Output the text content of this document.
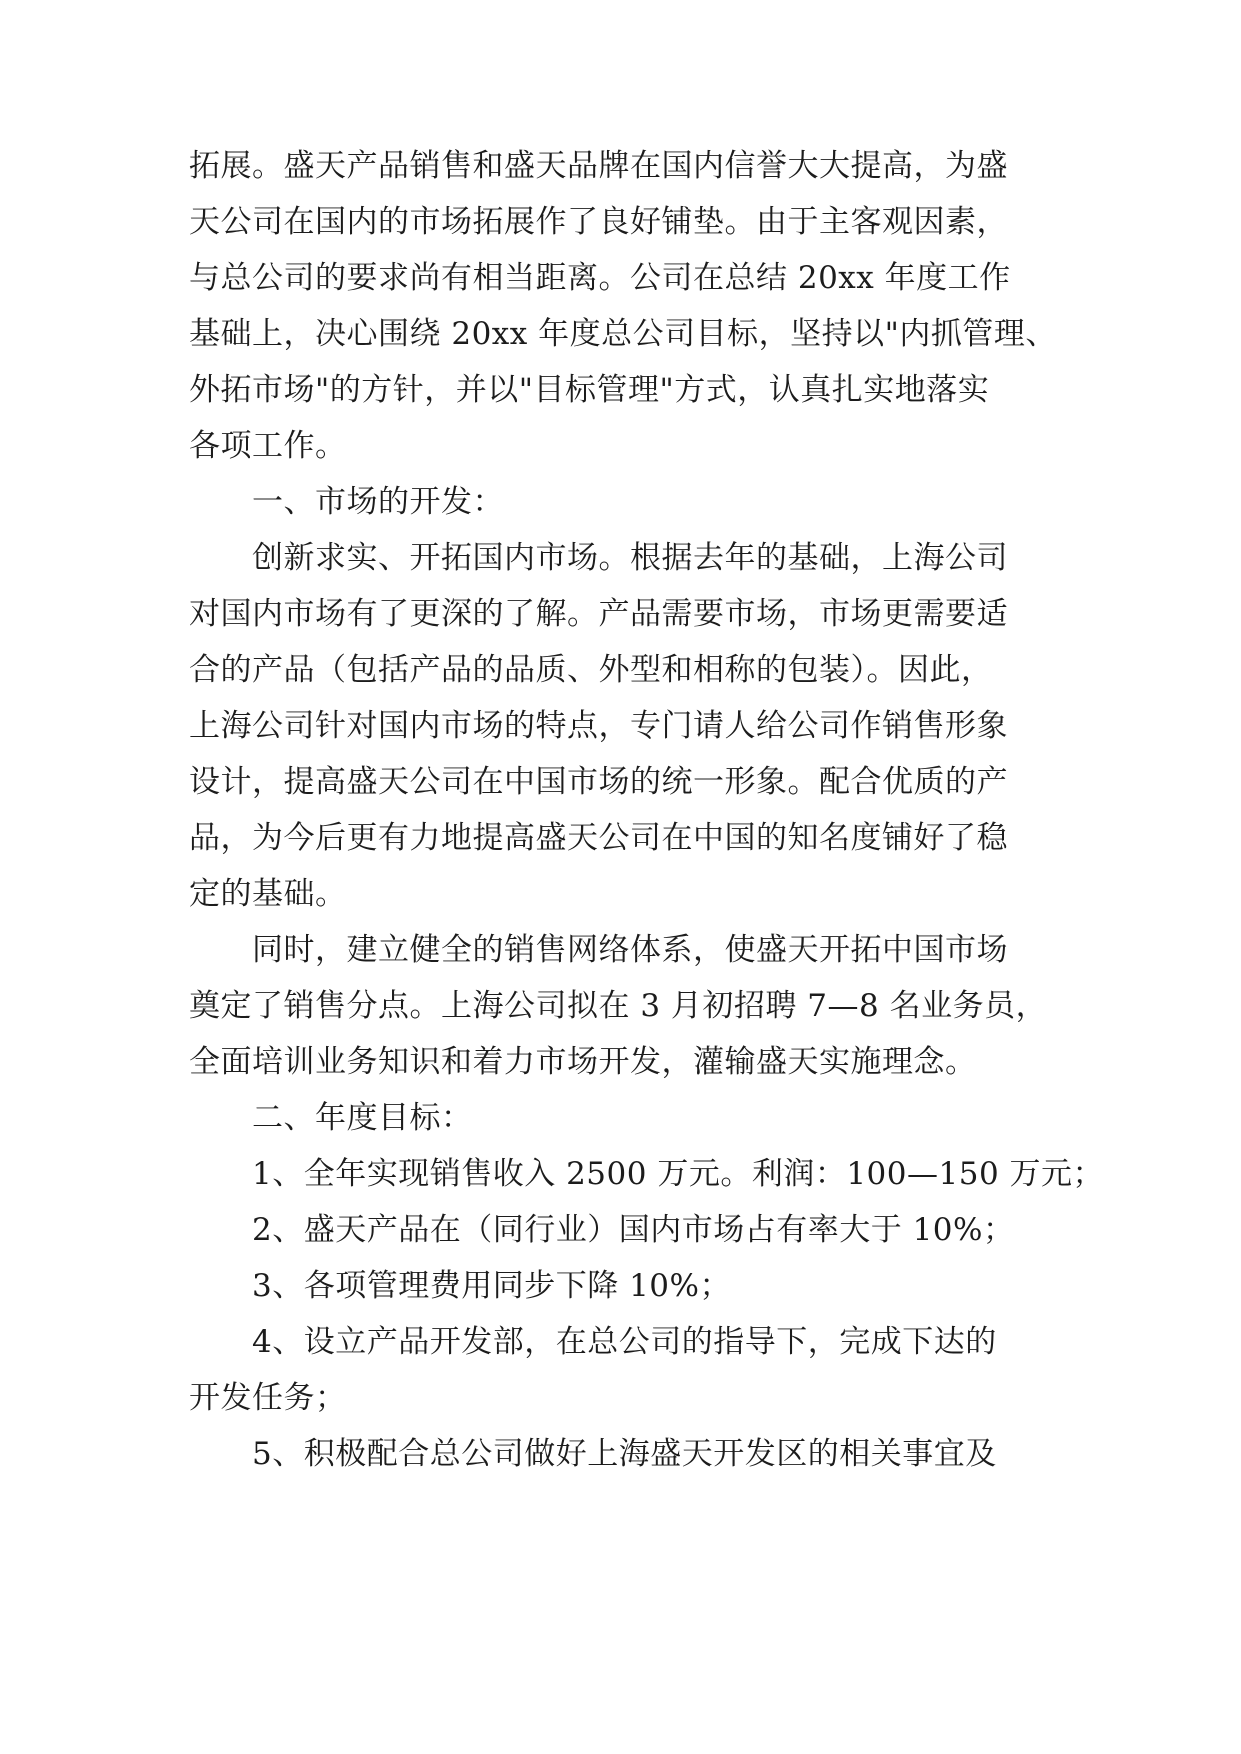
拓展。盛天产品销售和盛天品牌在国内信誉大大提高，为盛
天公司在国内的市场拓展作了良好铺垫。由于主客观因素，
与总公司的要求尚有相当距离。公司在总结 20xx 年度工作
基础上，决心围绕 20xx 年度总公司目标，坚持以"内抓管理、
外拓市场"的方针，并以"目标管理"方式，认真扎实地落实
各项工作。
一、市场的开发：
创新求实、开拓国内市场。根据去年的基础，上海公司
对国内市场有了更深的了解。产品需要市场，市场更需要适
合的产品（包括产品的品质、外型和相称的包装）。因此，
上海公司针对国内市场的特点，专门请人给公司作销售形象
设计，提高盛天公司在中国市场的统一形象。配合优质的产
品，为今后更有力地提高盛天公司在中国的知名度铺好了稳
定的基础。
同时，建立健全的销售网络体系，使盛天开拓中国市场
奠定了销售分点。上海公司拟在 3 月初招聘 7—8 名业务员，
全面培训业务知识和着力市场开发，灌输盛天实施理念。
二、年度目标：
1、全年实现销售收入 2500 万元。利润：100—150 万元；
2、盛天产品在（同行业）国内市场占有率大于 10%；
3、各项管理费用同步下降 10%；
4、设立产品开发部，在总公司的指导下，完成下达的
开发任务；
5、积极配合总公司做好上海盛天开发区的相关事宜及
